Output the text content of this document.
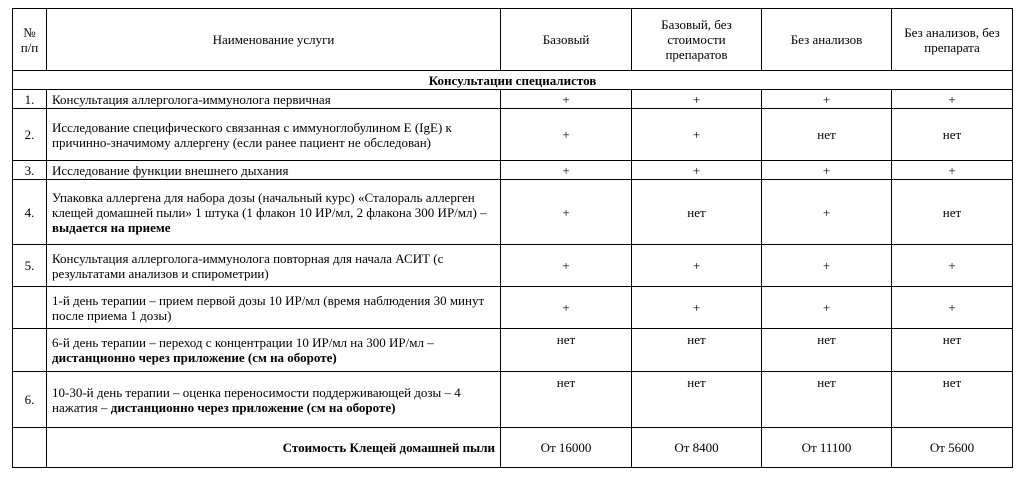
№ п/п	Наименование услуги	Базовый	Базовый, без стоимости препаратов	Без анализов	Без анализов, без препарата
Консультации специалистов					
1.	Консультация аллерголога-иммунолога первичная	+	+	+	+
2.	Исследование специфического связанная с иммуноглобулином Е (IgE) к причинно-значимому аллергену (если ранее пациент не обследован)	+	+	нет	нет
3.	Исследование функции внешнего дыхания	+	+	+	+
4.	Упаковка аллергена для набора дозы (начальный курс) «Сталораль аллерген клещей домашней пыли» 1 штука (1 флакон 10 ИР/мл, 2 флакона 300 ИР/мл) – выдается на приеме	+	нет	+	нет
5.	Консультация аллерголога-иммунолога повторная для начала АСИТ (с результатами анализов и спирометрии)	+	+	+	+
	1-й день терапии – прием первой дозы 10 ИР/мл (время наблюдения 30 минут после приема 1 дозы)	+	+	+	+
	6-й день терапии – переход с концентрации 10 ИР/мл на 300 ИР/мл – дистанционно через приложение (см на обороте)	нет	нет	нет	нет
6.	10-30-й день терапии – оценка переносимости поддерживающей дозы – 4 нажатия – дистанционно через приложение (см на обороте)	нет	нет	нет	нет
	Стоимость Клещей домашней пыли	От 16000	От 8400	От 11100	От 5600
